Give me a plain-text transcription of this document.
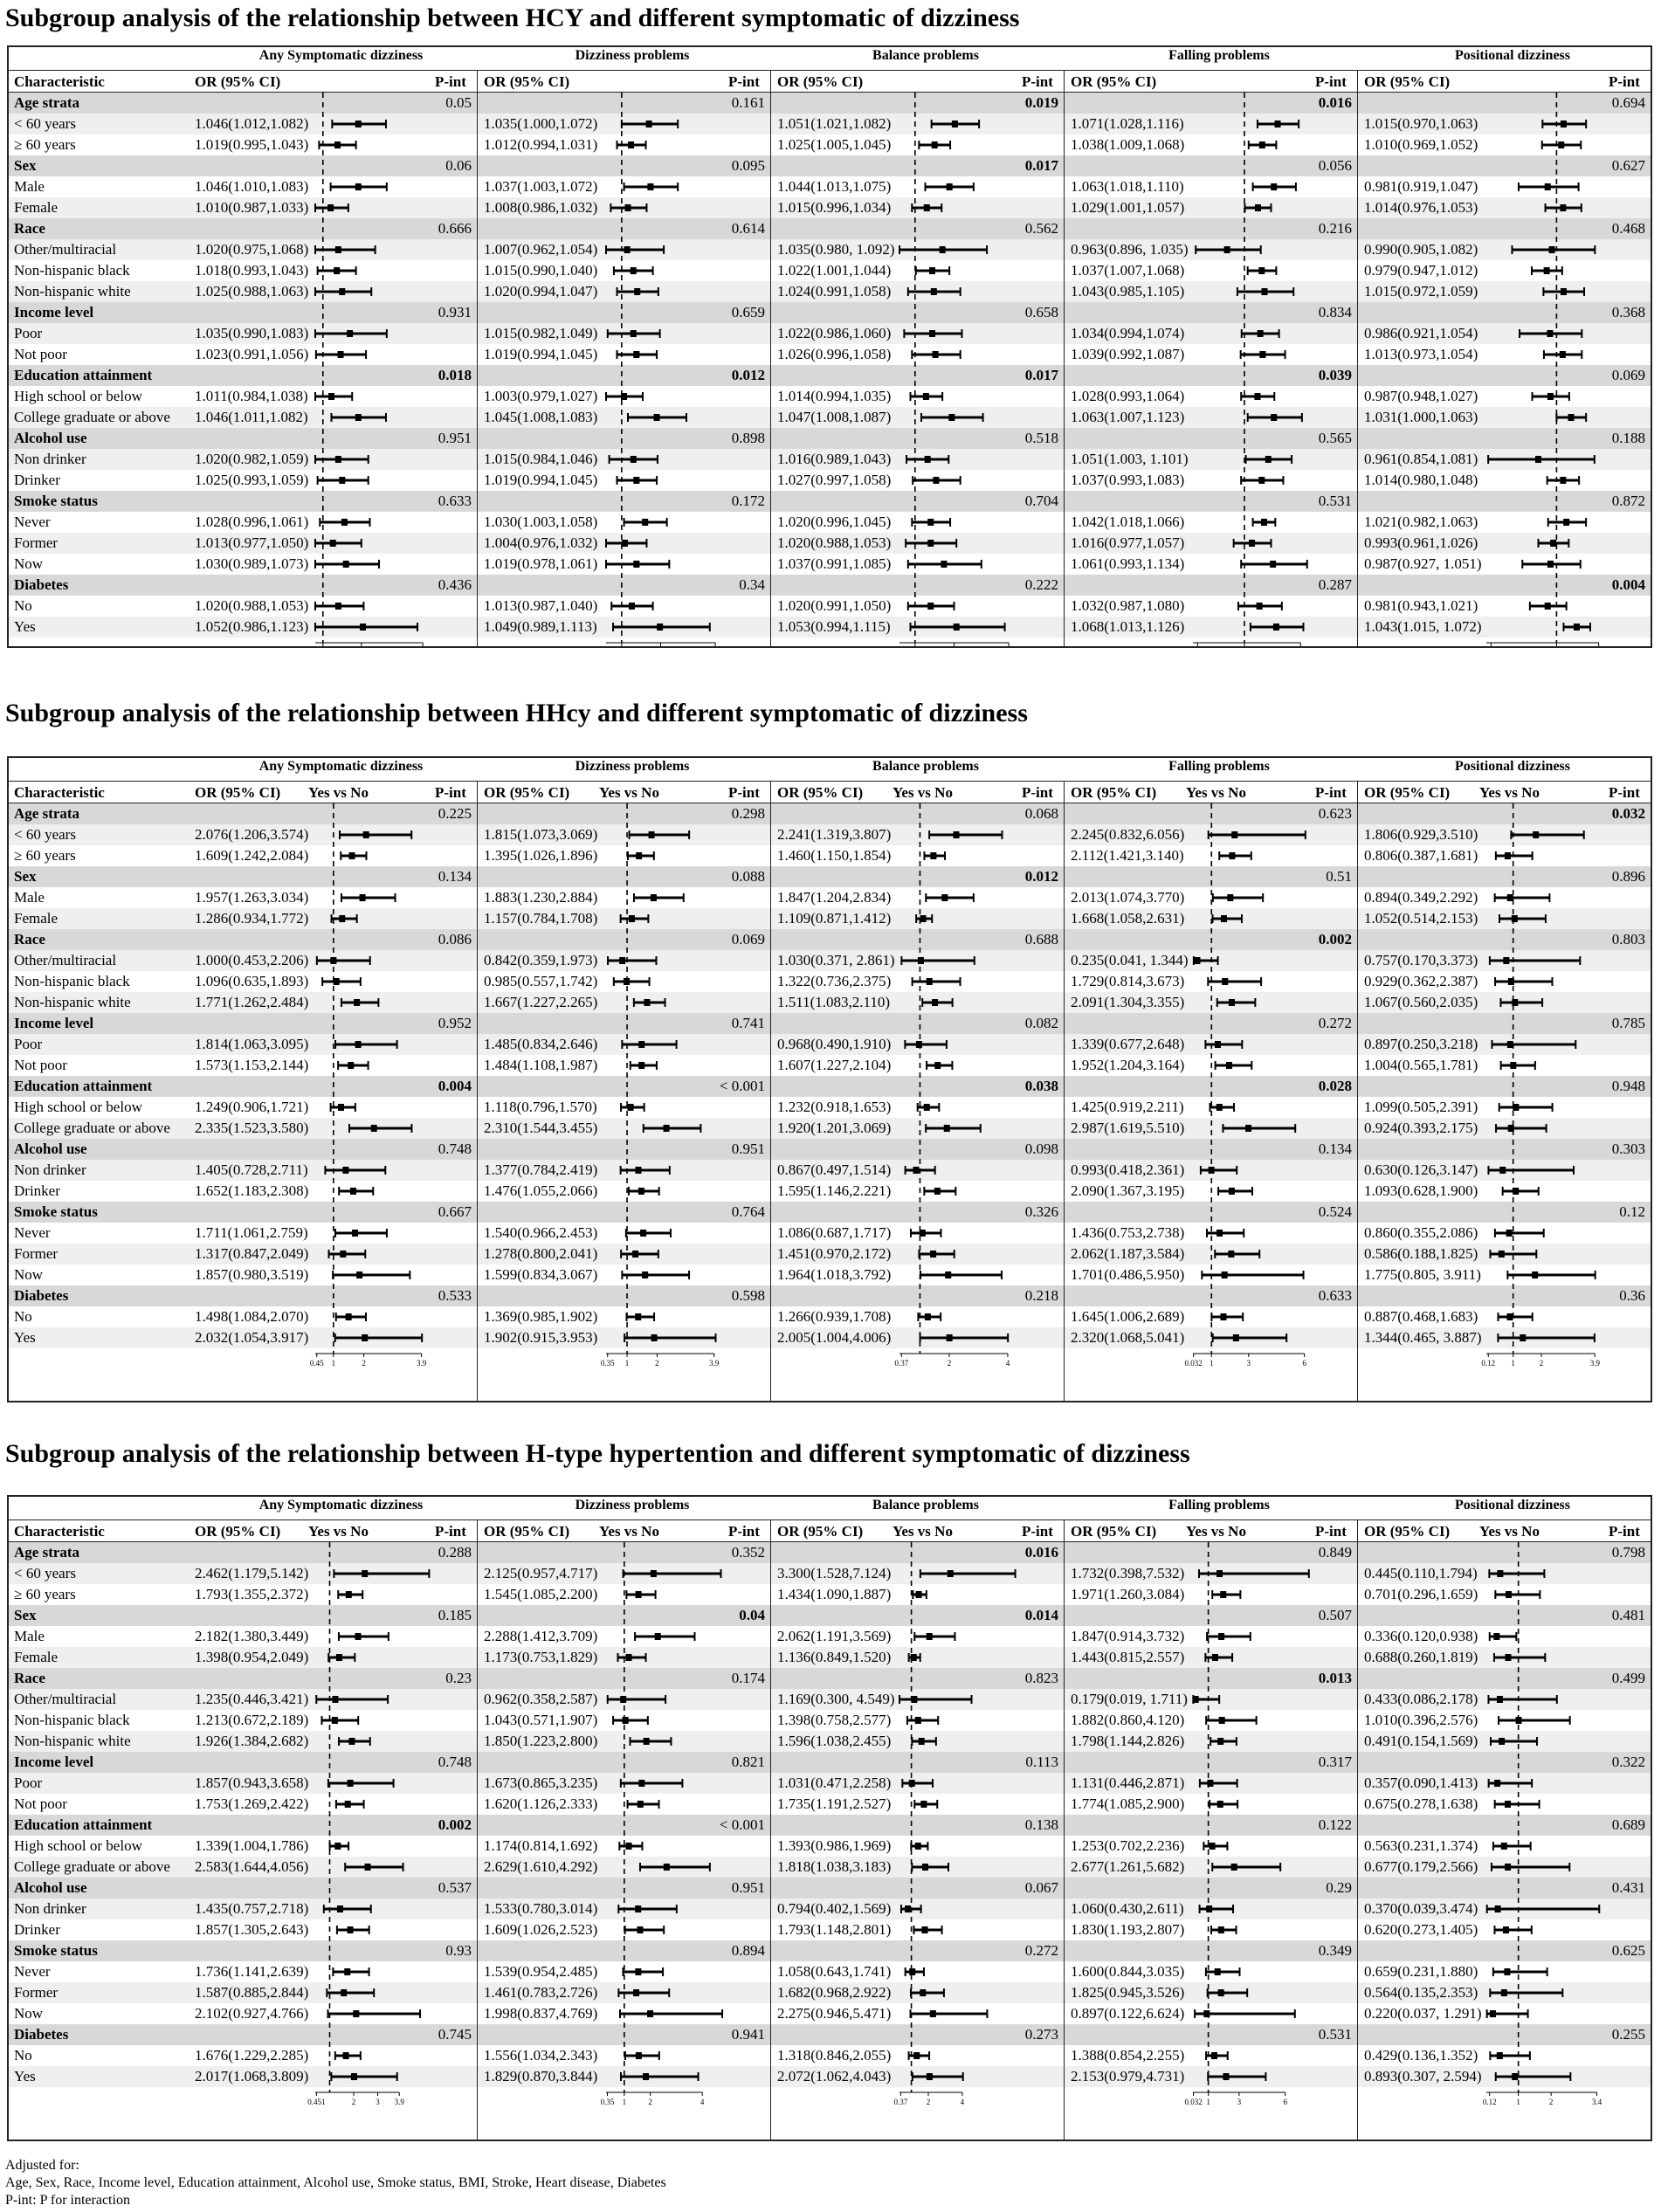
Subgroup analysis of the relationship between HCY and different symptomatic of dizziness
Any Symptomatic dizziness	Dizziness problems	Balance problems	Falling problems	Positional dizziness
Characteristic	OR (95% CI)	P-int OR (95% CI)	P-int OR (95% CI)	P-int OR (95% CI)	P-int OR (95% CI)	P-int
Age strata	0.05	0.161	0.019	0.016	0.694
< 60 years	1.046(1.012,1.082)	1.035(1.000,1.072)	1.051(1.021,1.082)	1.071(1.028,1.116)	1.015(0.970,1.063)
≥ 60 years	1.019(0.995,1.043)	1.012(0.994,1.031)	1.025(1.005,1.045)	1.038(1.009,1.068)	1.010(0.969,1.052)
Sex	0.06	0.095	0.017	0.056	0.627
Male	1.046(1.010,1.083)	1.037(1.003,1.072)	1.044(1.013,1.075)	1.063(1.018,1.110)	0.981(0.919,1.047)
Female	1.010(0.987,1.033)	1.008(0.986,1.032)	1.015(0.996,1.034)	1.029(1.001,1.057)	1.014(0.976,1.053)
Race	0.666	0.614	0.562	0.216	0.468
Other/multiracial	1.020(0.975,1.068)	1.007(0.962,1.054)	1.035(0.980, 1.092)	0.963(0.896, 1.035)	0.990(0.905,1.082)
Non-hispanic black	1.018(0.993,1.043)	1.015(0.990,1.040)	1.022(1.001,1.044)	1.037(1.007,1.068)	0.979(0.947,1.012)
Non-hispanic white	1.025(0.988,1.063)	1.020(0.994,1.047)	1.024(0.991,1.058)	1.043(0.985,1.105)	1.015(0.972,1.059)
Income level	0.931	0.659	0.658	0.834	0.368
Poor	1.035(0.990,1.083)	1.015(0.982,1.049)	1.022(0.986,1.060)	1.034(0.994,1.074)	0.986(0.921,1.054)
Not poor	1.023(0.991,1.056)	1.019(0.994,1.045)	1.026(0.996,1.058)	1.039(0.992,1.087)	1.013(0.973,1.054)
Education attainment	0.018	0.012	0.017	0.039	0.069
High school or below	1.011(0.984,1.038)	1.003(0.979,1.027)	1.014(0.994,1.035)	1.028(0.993,1.064)	0.987(0.948,1.027)
College graduate or above 1.046(1.011,1.082)	1.045(1.008,1.083)	1.047(1.008,1.087)	1.063(1.007,1.123)	1.031(1.000,1.063)
Alcohol use	0.951	0.898	0.518	0.565	0.188
Non drinker	1.020(0.982,1.059)	1.015(0.984,1.046)	1.016(0.989,1.043)	1.051(1.003, 1.101)	0.961(0.854,1.081)
Drinker	1.025(0.993,1.059)	1.019(0.994,1.045)	1.027(0.997,1.058)	1.037(0.993,1.083)	1.014(0.980,1.048)
Smoke status	0.633	0.172	0.704	0.531	0.872
Never	1.028(0.996,1.061)	1.030(1.003,1.058)	1.020(0.996,1.045)	1.042(1.018,1.066)	1.021(0.982,1.063)
Former	1.013(0.977,1.050)	1.004(0.976,1.032)	1.020(0.988,1.053)	1.016(0.977,1.057)	0.993(0.961,1.026)
Now	1.030(0.989,1.073)	1.019(0.978,1.061)	1.037(0.991,1.085)	1.061(0.993,1.134)	0.987(0.927, 1.051)
Diabetes	0.436	0.34	0.222	0.287	0.004
No	1.020(0.988,1.053)	1.013(0.987,1.040)	1.020(0.991,1.050)	1.032(0.987,1.080)	0.981(0.943,1.021)
Yes	1.052(0.986,1.123)	1.049(0.989,1.113)	1.053(0.994,1.115)	1.068(1.013,1.126)	1.043(1.015, 1.072)
1	1.05	1.13	1	1.05	1.12	1	1.05	1.12	0.9	1	1.12	0.86	1	1.09
Subgroup analysis of the relationship between HHcy and different symptomatic of dizziness
Any Symptomatic dizziness	Dizziness problems	Balance problems	Falling problems	Positional dizziness
Characteristic	OR (95% CI) Yes vs No	P-int OR (95% CI) Yes vs No	P-int OR (95% CI) Yes vs No	P-int OR (95% CI) Yes vs No	P-int OR (95% CI) Yes vs No	P-int
Age strata	0.225	0.298	0.068	0.623	0.032
< 60 years	2.076(1.206,3.574)	1.815(1.073,3.069)	2.241(1.319,3.807)	2.245(0.832,6.056)	1.806(0.929,3.510)
≥ 60 years	1.609(1.242,2.084)	1.395(1.026,1.896)	1.460(1.150,1.854)	2.112(1.421,3.140)	0.806(0.387,1.681)
Sex	0.134	0.088	0.012	0.51	0.896
Male	1.957(1.263,3.034)	1.883(1.230,2.884)	1.847(1.204,2.834)	2.013(1.074,3.770)	0.894(0.349,2.292)
Female	1.286(0.934,1.772)	1.157(0.784,1.708)	1.109(0.871,1.412)	1.668(1.058,2.631)	1.052(0.514,2.153)
Race	0.086	0.069	0.688	0.002	0.803
Other/multiracial	1.000(0.453,2.206)	0.842(0.359,1.973)	1.030(0.371, 2.861)	0.235(0.041, 1.344)	0.757(0.170,3.373)
Non-hispanic black	1.096(0.635,1.893)	0.985(0.557,1.742)	1.322(0.736,2.375)	1.729(0.814,3.673)	0.929(0.362,2.387)
Non-hispanic white	1.771(1.262,2.484)	1.667(1.227,2.265)	1.511(1.083,2.110)	2.091(1.304,3.355)	1.067(0.560,2.035)
Income level	0.952	0.741	0.082	0.272	0.785
Poor	1.814(1.063,3.095)	1.485(0.834,2.646)	0.968(0.490,1.910)	1.339(0.677,2.648)	0.897(0.250,3.218)
Not poor	1.573(1.153,2.144)	1.484(1.108,1.987)	1.607(1.227,2.104)	1.952(1.204,3.164)	1.004(0.565,1.781)
Education attainment	0.004	< 0.001	0.038	0.028	0.948
High school or below	1.249(0.906,1.721)	1.118(0.796,1.570)	1.232(0.918,1.653)	1.425(0.919,2.211)	1.099(0.505,2.391)
College graduate or above 2.335(1.523,3.580)	2.310(1.544,3.455)	1.920(1.201,3.069)	2.987(1.619,5.510)	0.924(0.393,2.175)
Alcohol use	0.748	0.951	0.098	0.134	0.303
Non drinker	1.405(0.728,2.711)	1.377(0.784,2.419)	0.867(0.497,1.514)	0.993(0.418,2.361)	0.630(0.126,3.147)
Drinker	1.652(1.183,2.308)	1.476(1.055,2.066)	1.595(1.146,2.221)	2.090(1.367,3.195)	1.093(0.628,1.900)
Smoke status	0.667	0.764	0.326	0.524	0.12
Never	1.711(1.061,2.759)	1.540(0.966,2.453)	1.086(0.687,1.717)	1.436(0.753,2.738)	0.860(0.355,2.086)
Former	1.317(0.847,2.049)	1.278(0.800,2.041)	1.451(0.970,2.172)	2.062(1.187,3.584)	0.586(0.188,1.825)
Now	1.857(0.980,3.519)	1.599(0.834,3.067)	1.964(1.018,3.792)	1.701(0.486,5.950)	1.775(0.805, 3.911)
Diabetes	0.533	0.598	0.218	0.633	0.36
No	1.498(1.084,2.070)	1.369(0.985,1.902)	1.266(0.939,1.708)	1.645(1.006,2.689)	0.887(0.468,1.683)
Yes	2.032(1.054,3.917)	1.902(0.915,3.953)	2.005(1.004,4.006)	2.320(1.068,5.041)	1.344(0.465, 3.887)
0.45 1	2	3.9	0.35 1	2	3.9	0.37	2	4	0.032 1	3	6	0.12 1	2	3.9
Subgroup analysis of the relationship between H-type hypertention and different symptomatic of dizziness
Any Symptomatic dizziness	Dizziness problems	Balance problems	Falling problems	Positional dizziness
Characteristic	OR (95% CI) Yes vs No	P-int OR (95% CI) Yes vs No	P-int OR (95% CI) Yes vs No	P-int OR (95% CI) Yes vs No	P-int OR (95% CI) Yes vs No	P-int
Age strata	0.288	0.352	0.016	0.849	0.798
< 60 years	2.462(1.179,5.142)	2.125(0.957,4.717)	3.300(1.528,7.124)	1.732(0.398,7.532)	0.445(0.110,1.794)
≥ 60 years	1.793(1.355,2.372)	1.545(1.085,2.200)	1.434(1.090,1.887)	1.971(1.260,3.084)	0.701(0.296,1.659)
Sex	0.185	0.04	0.014	0.507	0.481
Male	2.182(1.380,3.449)	2.288(1.412,3.709)	2.062(1.191,3.569)	1.847(0.914,3.732)	0.336(0.120,0.938)
Female	1.398(0.954,2.049)	1.173(0.753,1.829)	1.136(0.849,1.520)	1.443(0.815,2.557)	0.688(0.260,1.819)
Race	0.23	0.174	0.823	0.013	0.499
Other/multiracial	1.235(0.446,3.421)	0.962(0.358,2.587)	1.169(0.300, 4.549)	0.179(0.019, 1.711)	0.433(0.086,2.178)
Non-hispanic black	1.213(0.672,2.189)	1.043(0.571,1.907)	1.398(0.758,2.577)	1.882(0.860,4.120)	1.010(0.396,2.576)
Non-hispanic white	1.926(1.384,2.682)	1.850(1.223,2.800)	1.596(1.038,2.455)	1.798(1.144,2.826)	0.491(0.154,1.569)
Income level	0.748	0.821	0.113	0.317	0.322
Poor	1.857(0.943,3.658)	1.673(0.865,3.235)	1.031(0.471,2.258)	1.131(0.446,2.871)	0.357(0.090,1.413)
Not poor	1.753(1.269,2.422)	1.620(1.126,2.333)	1.735(1.191,2.527)	1.774(1.085,2.900)	0.675(0.278,1.638)
Education attainment	0.002	< 0.001	0.138	0.122	0.689
High school or below	1.339(1.004,1.786)	1.174(0.814,1.692)	1.393(0.986,1.969)	1.253(0.702,2.236)	0.563(0.231,1.374)
College graduate or above 2.583(1.644,4.056)	2.629(1.610,4.292)	1.818(1.038,3.183)	2.677(1.261,5.682)	0.677(0.179,2.566)
Alcohol use	0.537	0.951	0.067	0.29	0.431
Non drinker	1.435(0.757,2.718)	1.533(0.780,3.014)	0.794(0.402,1.569)	1.060(0.430,2.611)	0.370(0.039,3.474)
Drinker	1.857(1.305,2.643)	1.609(1.026,2.523)	1.793(1.148,2.801)	1.830(1.193,2.807)	0.620(0.273,1.405)
Smoke status	0.93	0.894	0.272	0.349	0.625
Never	1.736(1.141,2.639)	1.539(0.954,2.485)	1.058(0.643,1.741)	1.600(0.844,3.035)	0.659(0.231,1.880)
Former	1.587(0.885,2.844)	1.461(0.783,2.726)	1.682(0.968,2.922)	1.825(0.945,3.526)	0.564(0.135,2.353)
Now	2.102(0.927,4.766)	1.998(0.837,4.769)	2.275(0.946,5.471)	0.897(0.122,6.624)	0.220(0.037, 1.291)
Diabetes	0.745	0.941	0.273	0.531	0.255
No	1.676(1.229,2.285)	1.556(1.034,2.343)	1.318(0.846,2.055)	1.388(0.854,2.255)	0.429(0.136,1.352)
Yes	2.017(1.068,3.809)	1.829(0.870,3.844)	2.072(1.062,4.043)	2.153(0.979,4.731)	0.893(0.307, 2.594)
0.451	2	3 3.9	0.35 1	2	4	0.37 2	4	0.032 1	3	6	0.12	1	2	3.4
Adjusted for:
Age, Sex, Race, Income level, Education attainment, Alcohol use, Smoke status, BMI, Stroke, Heart disease, Diabetes
P-int: P for interaction
